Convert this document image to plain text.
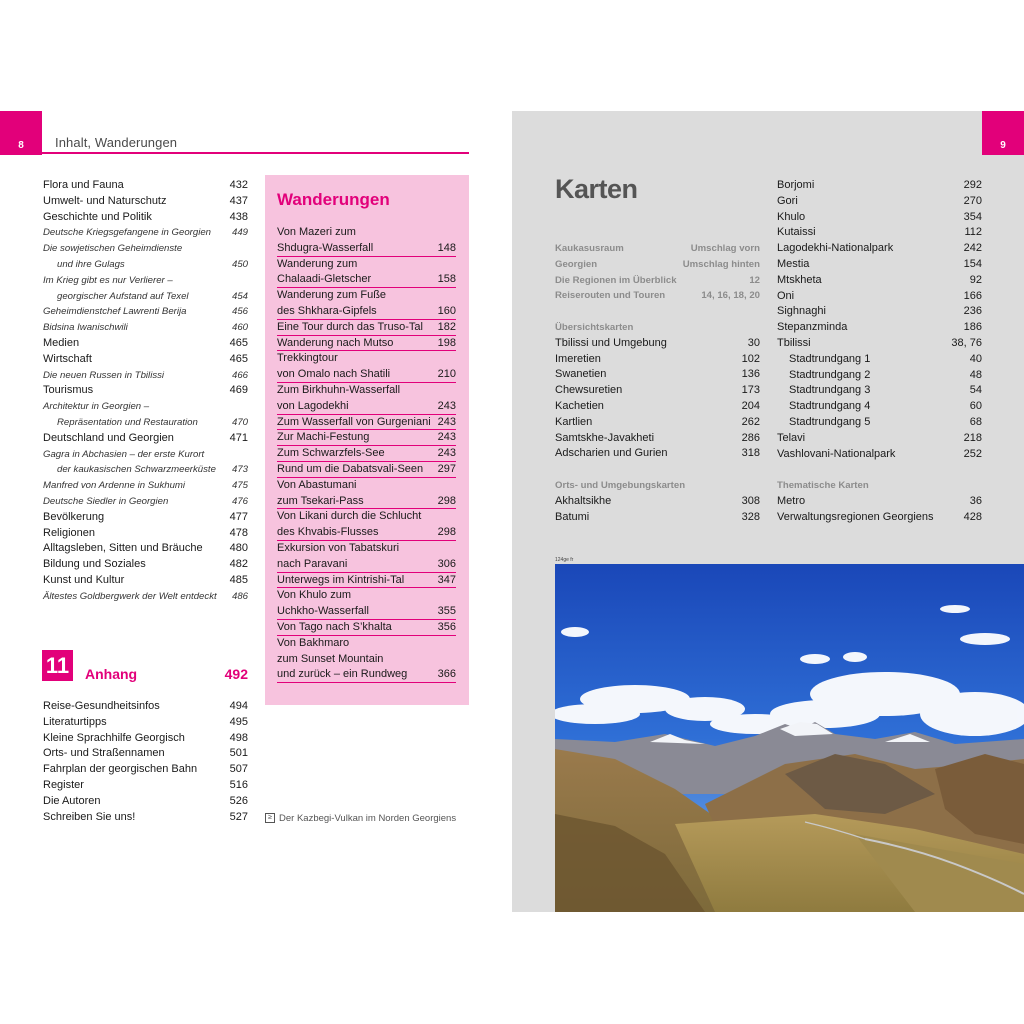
8 Inhalt, Wanderungen
Flora und Fauna	432
Umwelt- und Naturschutz	437
Geschichte und Politik	438
Deutsche Kriegsgefangene in Georgien 449
Die sowjetischen Geheimdienste
und ihre Gulags	450
Im Krieg gibt es nur Verlierer –
georgischer Aufstand auf Texel	454
Geheimdienstchef Lawrenti Berija	456
Bidsina Iwanischwili	460
Medien	465
Wirtschaft	465
Die neuen Russen in Tbilissi	466
Tourismus	469
Architektur in Georgien –
Repräsentation und Restauration	470
Deutschland und Georgien	471
Gagra in Abchasien – der erste Kurort
der kaukasischen Schwarzmeerküste 473
Manfred von Ardenne in Sukhumi	475
Deutsche Siedler in Georgien	476
Bevölkerung	477
Religionen	478
Alltagsleben, Sitten und Bräuche 480
Bildung und Soziales	482
Kunst und Kultur	485
Ältestes Goldbergwerk der Welt entdeckt 486
11 Anhang	492
Reise-Gesundheitsinfos	494
Literaturtipps	495
Kleine Sprachhilfe Georgisch	498
Orts- und Straßennamen	501
Fahrplan der georgischen Bahn	507
Register	516
Die Autoren	526
Schreiben Sie uns!	527
Wanderungen
Von Mazeri zum
Shdugra-Wasserfall	148
Wanderung zum
Chalaadi-Gletscher	158
Wanderung zum Fuße
des Shkhara-Gipfels	160
Eine Tour durch das Truso-Tal 182
Wanderung nach Mutso	198
Trekkingtour
von Omalo nach Shatili	210
Zum Birkhuhn-Wasserfall
von Lagodekhi	243
Zum Wasserfall von Gurgeniani 243
Zur Machi-Festung	243
Zum Schwarzfels-See	243
Rund um die Dabatsvali-Seen 297
Von Abastumani
zum Tsekari-Pass	298
Von Likani durch die Schlucht
des Khvabis-Flusses	298
Exkursion von Tabatskuri
nach Paravani	306
Unterwegs im Kintrishi-Tal	347
Von Khulo zum
Uchkho-Wasserfall	355
Von Tago nach S’khalta	356
Von Bakhmaro
zum Sunset Mountain
und zurück – ein Rundweg	366
≥ Der Kazbegi-Vulkan im Norden Georgiens
9
Karten
Kaukasusraum	Umschlag vorn
Georgien	Umschlag hinten
Die Regionen im Überblick	12
Reiserouten und Touren	14, 16, 18, 20
Übersichtskarten
Tbilissi und Umgebung	30
Imeretien	102
Swanetien	136
Chewsuretien	173
Kachetien	204
Kartlien	262
Samtskhe-Javakheti	286
Adscharien und Gurien	318
Orts- und Umgebungskarten
Akhaltsikhe	308
Batumi	328
Borjomi	292
Gori	270
Khulo	354
Kutaissi	112
Lagodekhi-Nationalpark	242
Mestia	154
Mtskheta	92
Oni	166
Sighnaghi	236
Stepanzminda	186
Tbilissi	38, 76
Stadtrundgang 1	40
Stadtrundgang 2	48
Stadtrundgang 3	54
Stadtrundgang 4	60
Stadtrundgang 5	68
Telavi	218
Vashlovani-Nationalpark	252
Thematische Karten
Metro	36
Verwaltungsregionen Georgiens	428
124ge fr
